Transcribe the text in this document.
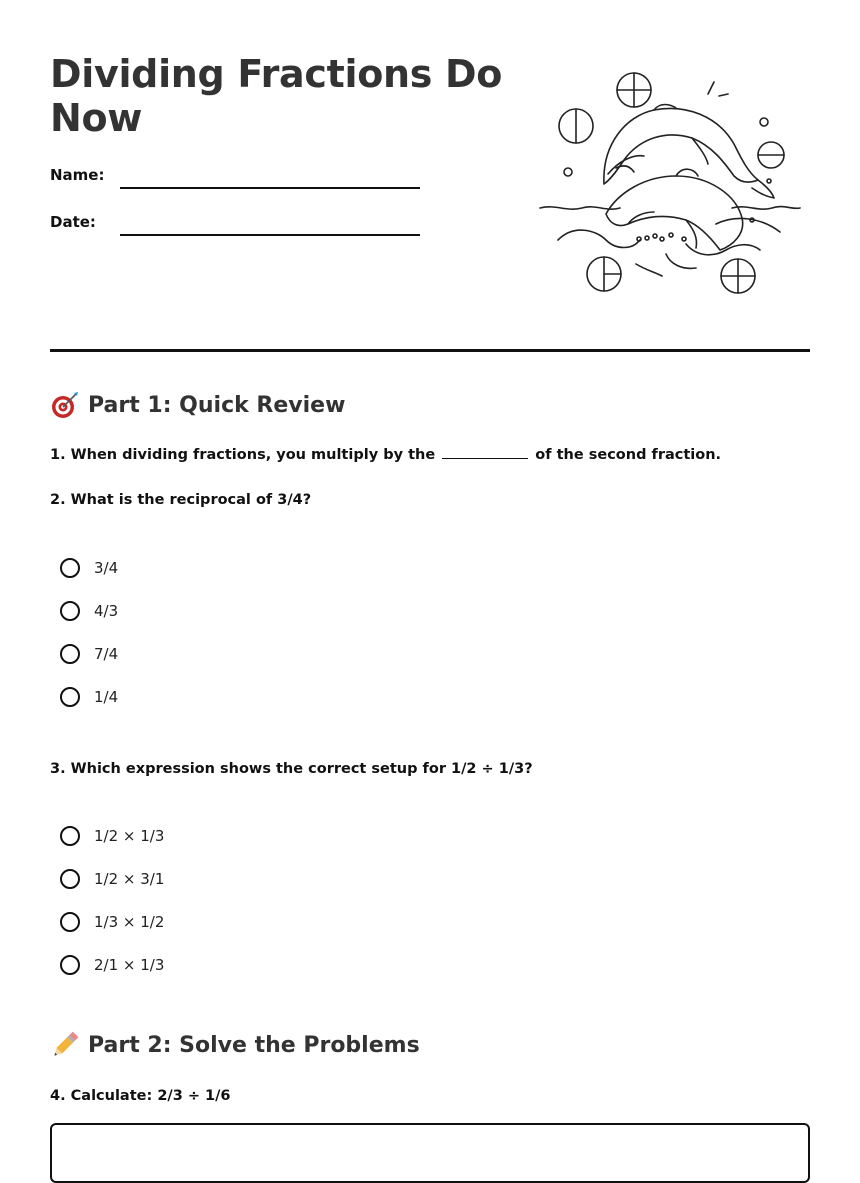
Dividing Fractions Do Now
Name:
Date:
Part 1: Quick Review
1. When dividing fractions, you multiply by the	of the second fraction.
2. What is the reciprocal of 3/4?
3/4
4/3
7/4
1/4
3. Which expression shows the correct setup for 1/2 ÷ 1/3?
1/2 × 1/3
1/2 × 3/1
1/3 × 1/2
2/1 × 1/3
Part 2: Solve the Problems
4. Calculate: 2/3 ÷ 1/6
